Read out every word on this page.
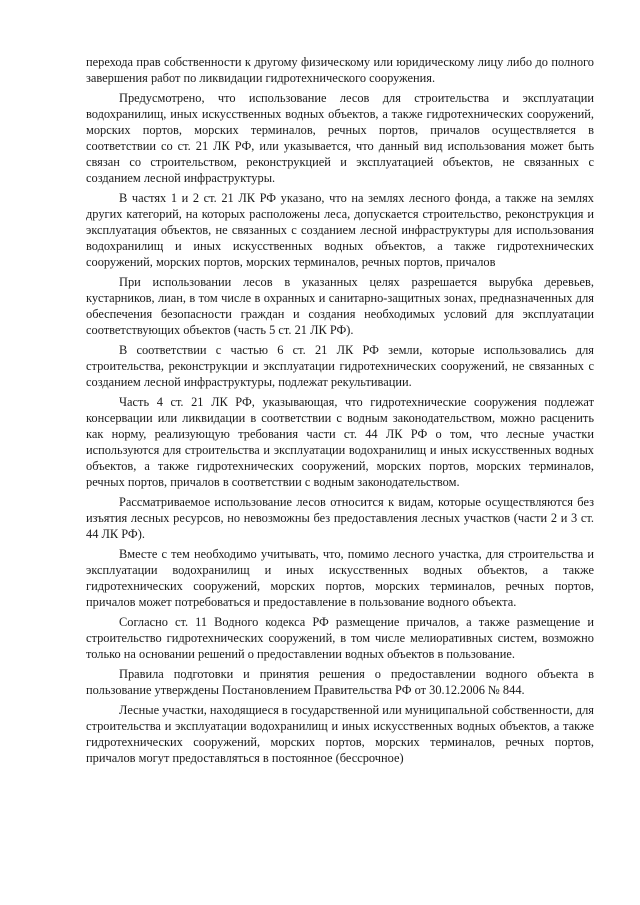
перехода прав собственности к другому физическому или юридическому лицу либо до полного завершения работ по ликвидации гидротехнического сооружения.

Предусмотрено, что использование лесов для строительства и эксплуатации водохранилищ, иных искусственных водных объектов, а также гидротехнических сооружений, морских портов, морских терминалов, речных портов, причалов осуществляется в соответствии со ст. 21 ЛК РФ, или указывается, что данный вид использования может быть связан со строительством, реконструкцией и эксплуатацией объектов, не связанных с созданием лесной инфраструктуры.

В частях 1 и 2 ст. 21 ЛК РФ указано, что на землях лесного фонда, а также на землях других категорий, на которых расположены леса, допускается строительство, реконструкция и эксплуатация объектов, не связанных с созданием лесной инфраструктуры для использования водохранилищ и иных искусственных водных объектов, а также гидротехнических сооружений, морских портов, морских терминалов, речных портов, причалов

При использовании лесов в указанных целях разрешается вырубка деревьев, кустарников, лиан, в том числе в охранных и санитарно-защитных зонах, предназначенных для обеспечения безопасности граждан и создания необходимых условий для эксплуатации соответствующих объектов (часть 5 ст. 21 ЛК РФ).

В соответствии с частью 6 ст. 21 ЛК РФ земли, которые использовались для строительства, реконструкции и эксплуатации гидротехнических сооружений, не связанных с созданием лесной инфраструктуры, подлежат рекультивации.

Часть 4 ст. 21 ЛК РФ, указывающая, что гидротехнические сооружения подлежат консервации или ликвидации в соответствии с водным законодательством, можно расценить как норму, реализующую требования части ст. 44 ЛК РФ о том, что лесные участки используются для строительства и эксплуатации водохранилищ и иных искусственных водных объектов, а также гидротехнических сооружений, морских портов, морских терминалов, речных портов, причалов в соответствии с водным законодательством.

Рассматриваемое использование лесов относится к видам, которые осуществляются без изъятия лесных ресурсов, но невозможны без предоставления лесных участков (части 2 и 3 ст. 44 ЛК РФ).

Вместе с тем необходимо учитывать, что, помимо лесного участка, для строительства и эксплуатации водохранилищ и иных искусственных водных объектов, а также гидротехнических сооружений, морских портов, морских терминалов, речных портов, причалов может потребоваться и предоставление в пользование водного объекта.

Согласно ст. 11 Водного кодекса РФ размещение причалов, а также размещение и строительство гидротехнических сооружений, в том числе мелиоративных систем, возможно только на основании решений о предоставлении водных объектов в пользование.

Правила подготовки и принятия решения о предоставлении водного объекта в пользование утверждены Постановлением Правительства РФ от 30.12.2006 № 844.

Лесные участки, находящиеся в государственной или муниципальной собственности, для строительства и эксплуатации водохранилищ и иных искусственных водных объектов, а также гидротехнических сооружений, морских портов, морских терминалов, речных портов, причалов могут предоставляться в постоянное (бессрочное)
